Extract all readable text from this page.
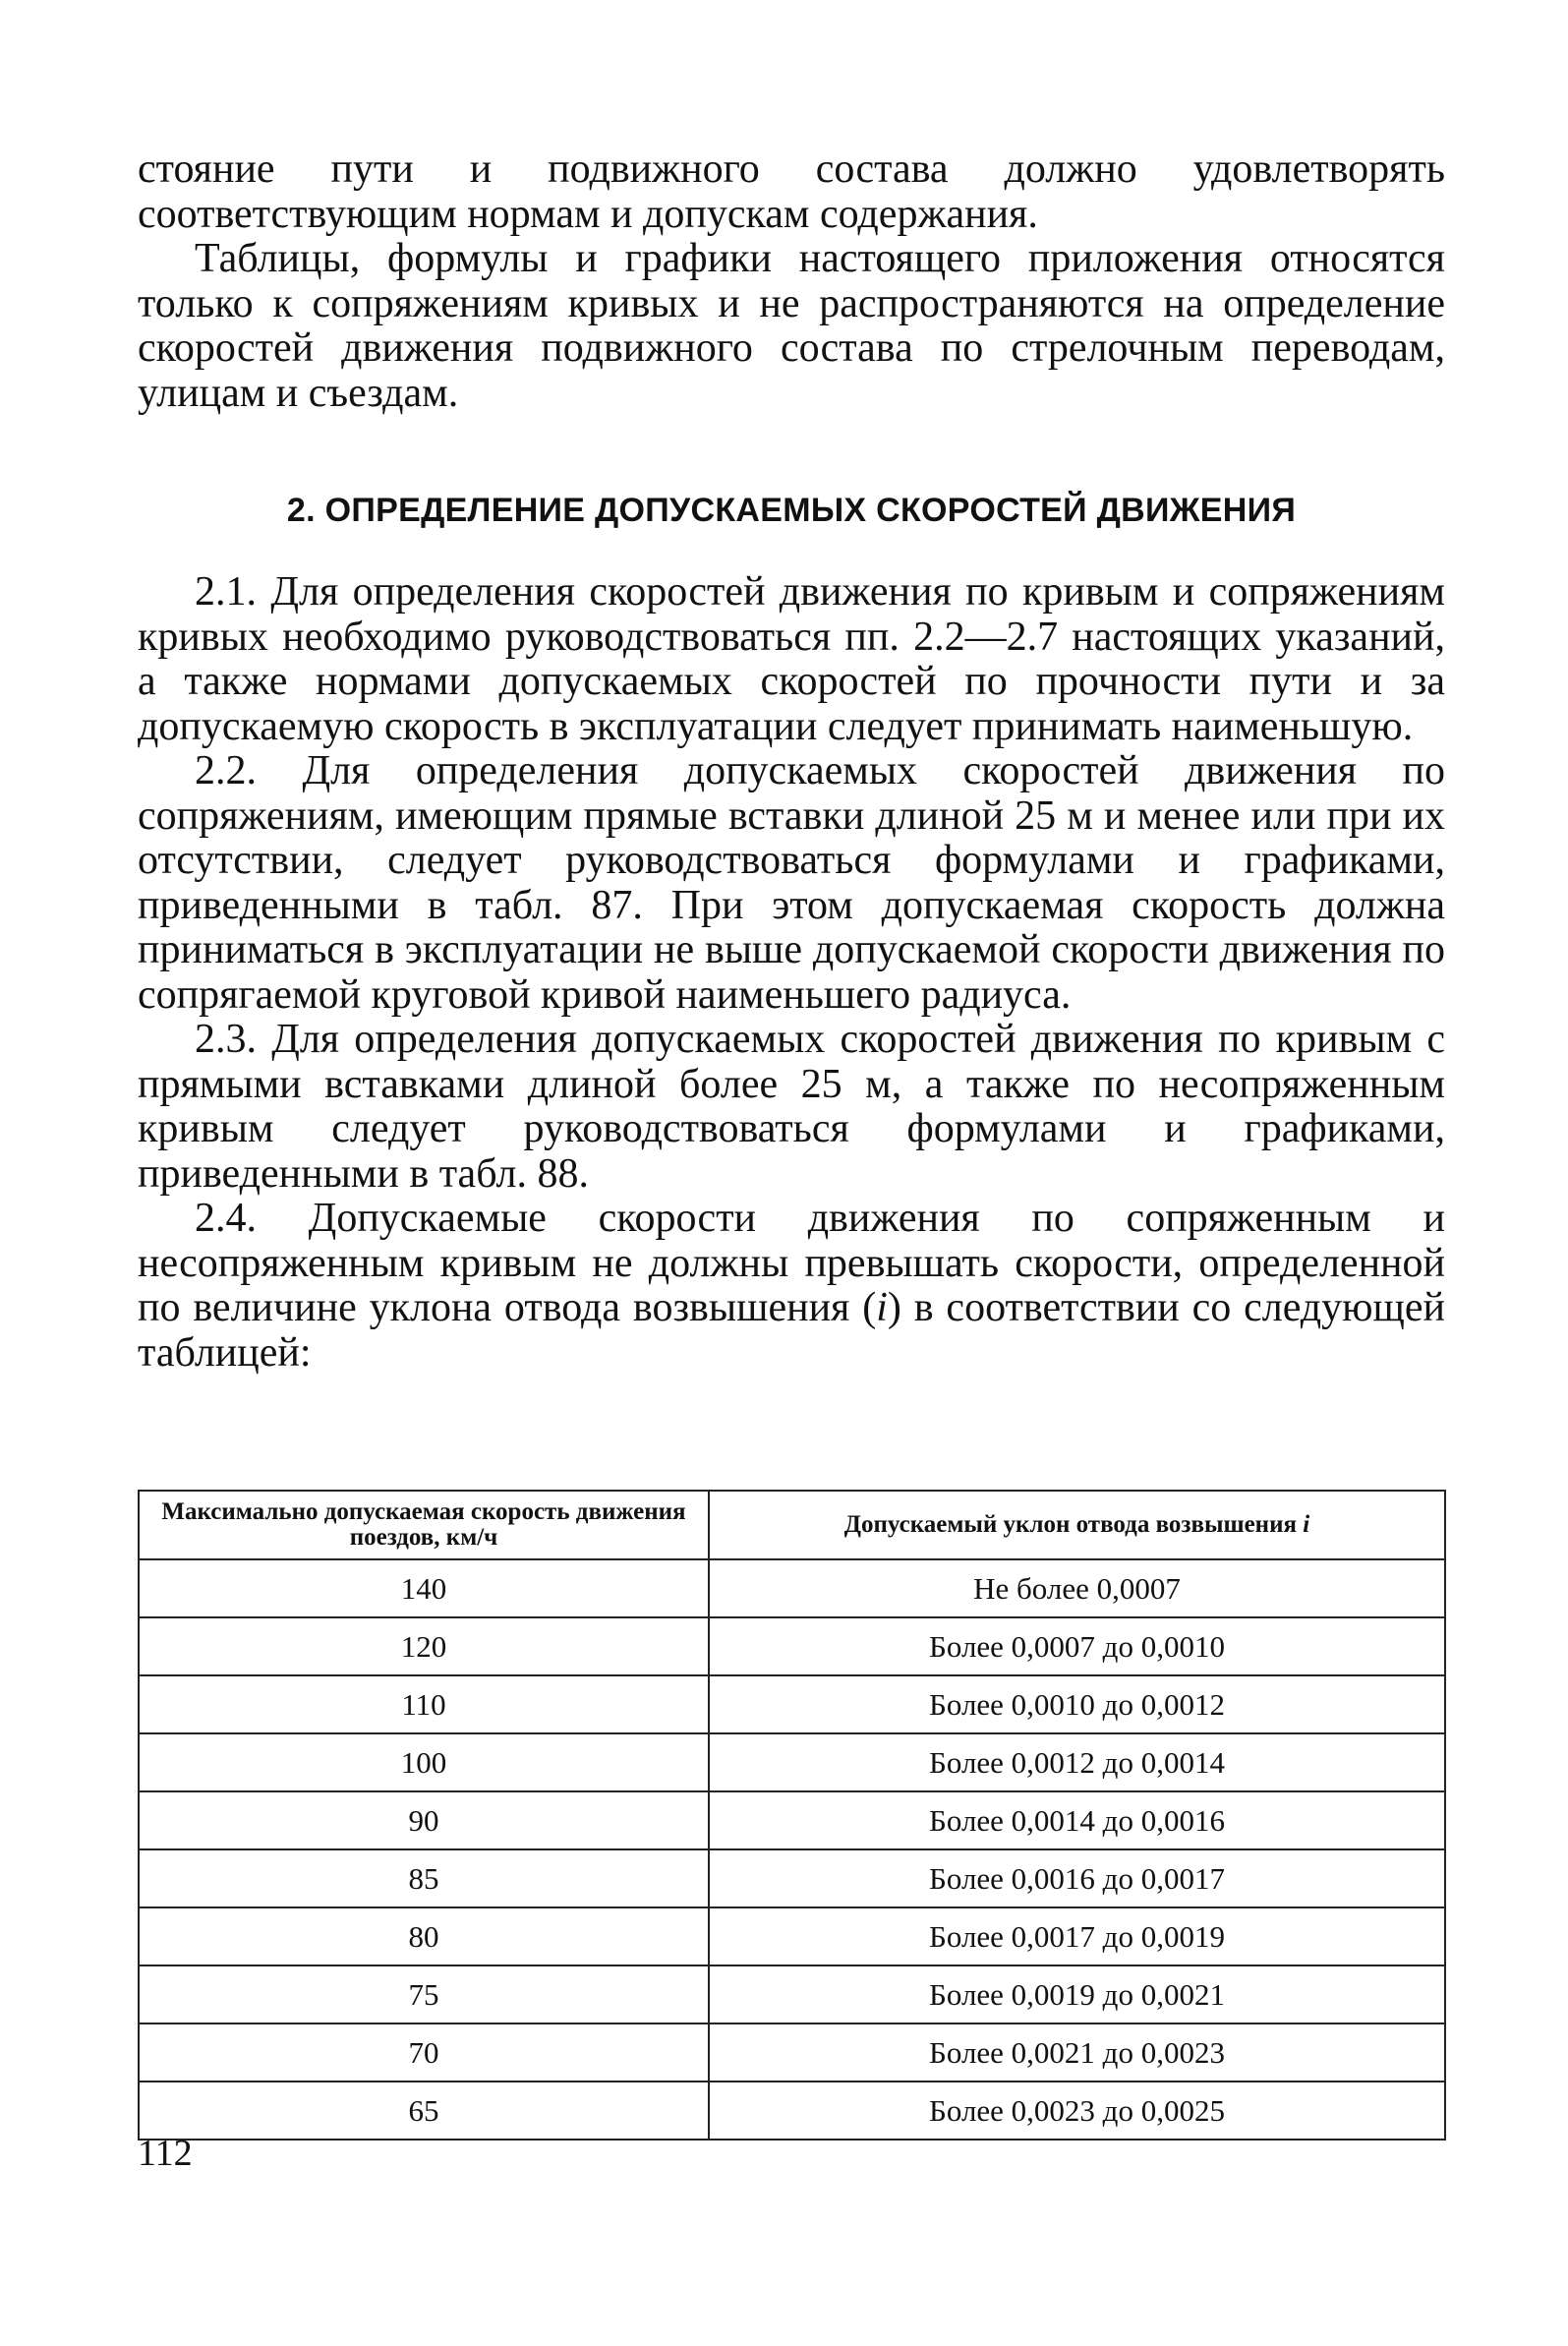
стояние пути и подвижного состава должно удовлетворять соответствующим нормам и допускам содержания.

Таблицы, формулы и графики настоящего приложения относятся только к сопряжениям кривых и не распространяются на определение скоростей движения подвижного состава по стрелочным переводам, улицам и съездам.

2. ОПРЕДЕЛЕНИЕ ДОПУСКАЕМЫХ СКОРОСТЕЙ ДВИЖЕНИЯ

2.1. Для определения скоростей движения по кривым и сопряжениям кривых необходимо руководствоваться пп. 2.2—2.7 настоящих указаний, а также нормами допускаемых скоростей по прочности пути и за допускаемую скорость в эксплуатации следует принимать наименьшую.

2.2. Для определения допускаемых скоростей движения по сопряжениям, имеющим прямые вставки длиной 25 м и менее или при их отсутствии, следует руководствоваться формулами и графиками, приведенными в табл. 87. При этом допускаемая скорость должна приниматься в эксплуатации не выше допускаемой скорости движения по сопрягаемой круговой кривой наименьшего радиуса.

2.3. Для определения допускаемых скоростей движения по кривым с прямыми вставками длиной более 25 м, а также по несопряженным кривым следует руководствоваться формулами и графиками, приведенными в табл. 88.

2.4. Допускаемые скорости движения по сопряженным и несопряженным кривым не должны превышать скорости, определенной по величине уклона отвода возвышения (i) в соответствии со следующей таблицей:

Максимально допускаемая скорость движения поездов, км/ч	Допускаемый уклон отвода возвышения i
140	Не более 0,0007
120	Более 0,0007 до 0,0010
110	Более 0,0010 до 0,0012
100	Более 0,0012 до 0,0014
90	Более 0,0014 до 0,0016
85	Более 0,0016 до 0,0017
80	Более 0,0017 до 0,0019
75	Более 0,0019 до 0,0021
70	Более 0,0021 до 0,0023
65	Более 0,0023 до 0,0025
112
